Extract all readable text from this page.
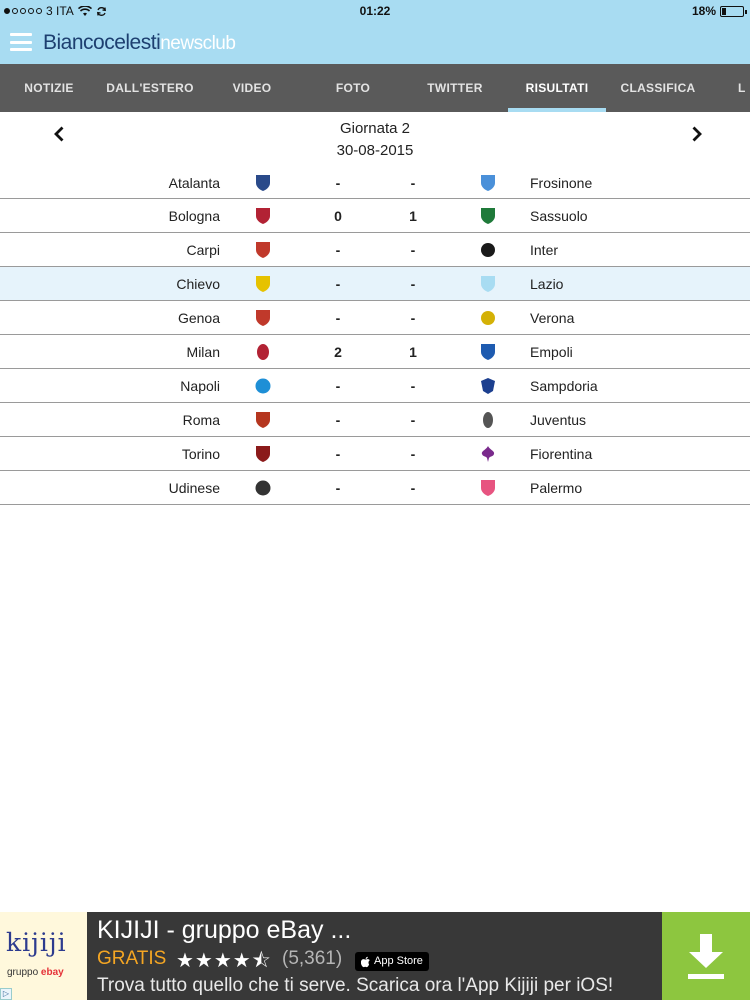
3 ITA	01:22	18%
Biancocelestinewsclub
NOTIZIE	DALL'ESTERO	VIDEO	FOTO	TWITTER	RISULTATI	CLASSIFICA	L
Giornata 2
30-08-2015
Atalanta	-	-	Frosinone
Bologna	0	1	Sassuolo
Carpi	-	-	Inter
Chievo	-	-	Lazio
Genoa	-	-	Verona
Milan	2	1	Empoli
Napoli	-	-	Sampdoria
Roma	-	-	Juventus
Torino	-	-	Fiorentina
Udinese	-	-	Palermo
kijiji
gruppo ebay
▷
KIJIJI - gruppo eBay ...
GRATIS ★★★★⯪ (5,361)	App Store
Trova tutto quello che ti serve. Scarica ora l'App Kijiji per iOS!
